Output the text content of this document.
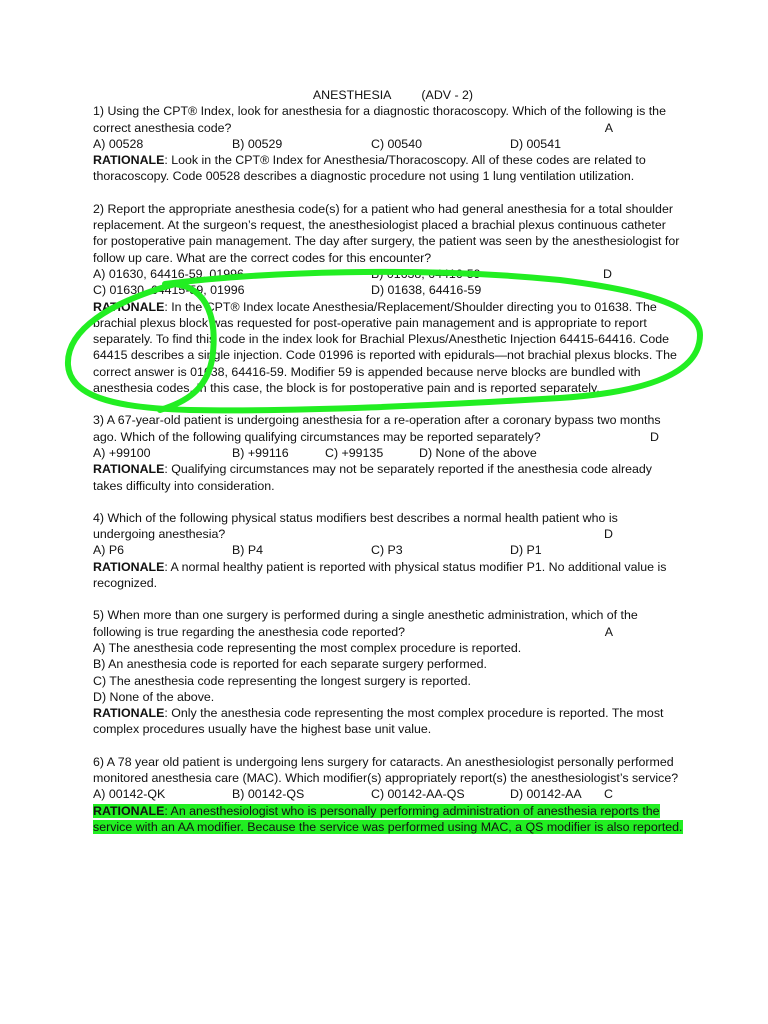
ANESTHESIA (ADV - 2)
1) Using the CPT® Index, look for anesthesia for a diagnostic thoracoscopy. Which of the following is the correct anesthesia code?	A
A) 00528	B) 00529	C) 00540	D) 00541
RATIONALE: Look in the CPT® Index for Anesthesia/Thoracoscopy. All of these codes are related to thoracoscopy. Code 00528 describes a diagnostic procedure not using 1 lung ventilation utilization.
2) Report the appropriate anesthesia code(s) for a patient who had general anesthesia for a total shoulder replacement. At the surgeon’s request, the anesthesiologist placed a brachial plexus continuous catheter for postoperative pain management. The day after surgery, the patient was seen by the anesthesiologist for follow up care. What are the correct codes for this encounter?
A) 01630, 64416-59, 01996	B) 01638, 64416-59	D
C) 01630, 64415-59, 01996	D) 01638, 64416-59
RATIONALE: In the CPT® Index locate Anesthesia/Replacement/Shoulder directing you to 01638. The brachial plexus block was requested for post-operative pain management and is appropriate to report separately. To find this code in the index look for Brachial Plexus/Anesthetic Injection 64415-64416. Code 64415 describes a single injection. Code 01996 is reported with epidurals—not brachial plexus blocks. The correct answer is 01638, 64416-59. Modifier 59 is appended because nerve blocks are bundled with anesthesia codes. In this case, the block is for postoperative pain and is reported separately.
3) A 67-year-old patient is undergoing anesthesia for a re-operation after a coronary bypass two months ago. Which of the following qualifying circumstances may be reported separately?	D
A) +99100	B) +99116	C) +99135	D) None of the above
RATIONALE: Qualifying circumstances may not be separately reported if the anesthesia code already takes difficulty into consideration.
4) Which of the following physical status modifiers best describes a normal health patient who is undergoing anesthesia?	D
A) P6	B) P4	C) P3	D) P1
RATIONALE: A normal healthy patient is reported with physical status modifier P1. No additional value is recognized.
5) When more than one surgery is performed during a single anesthetic administration, which of the following is true regarding the anesthesia code reported?	A
A) The anesthesia code representing the most complex procedure is reported.
B) An anesthesia code is reported for each separate surgery performed.
C) The anesthesia code representing the longest surgery is reported.
D) None of the above.
RATIONALE: Only the anesthesia code representing the most complex procedure is reported. The most complex procedures usually have the highest base unit value.
6) A 78 year old patient is undergoing lens surgery for cataracts. An anesthesiologist personally performed monitored anesthesia care (MAC). Which modifier(s) appropriately report(s) the anesthesiologist’s service?
C
A) 00142-QK	B) 00142-QS	C) 00142-AA-QS	D) 00142-AA
RATIONALE: An anesthesiologist who is personally performing administration of anesthesia reports the service with an AA modifier. Because the service was performed using MAC, a QS modifier is also reported.
